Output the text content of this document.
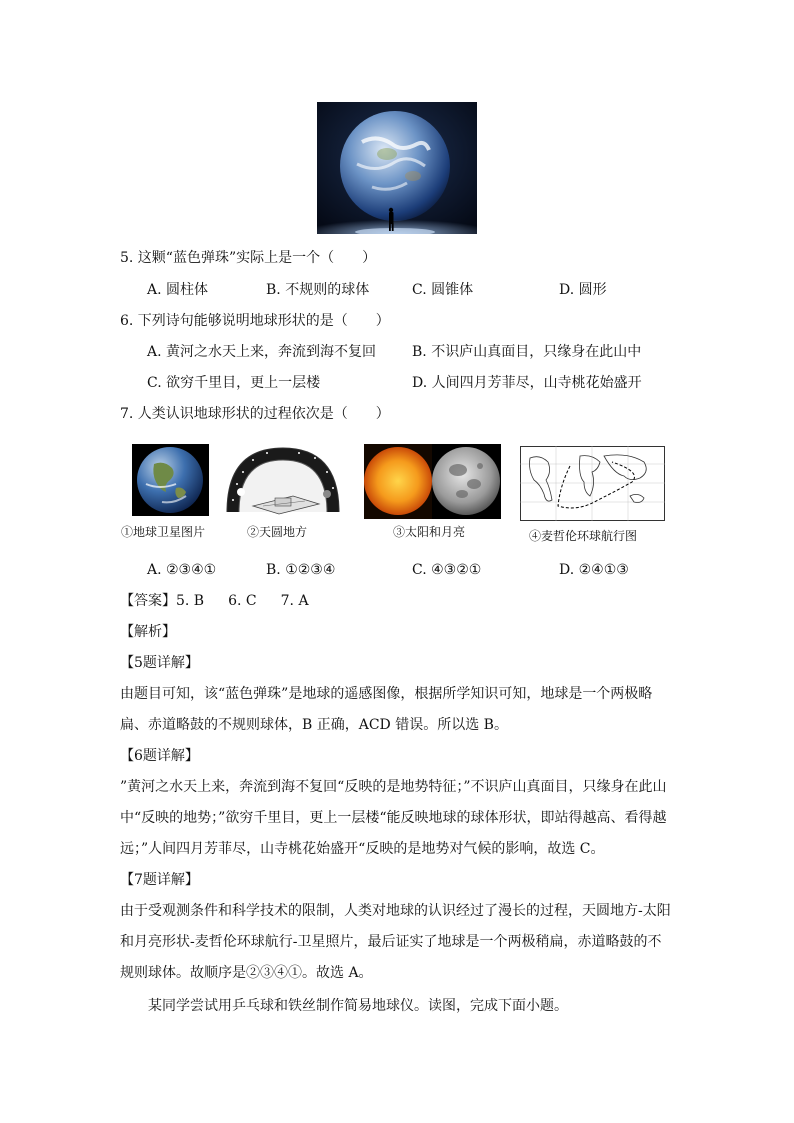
5. 这颗“蓝色弹珠”实际上是一个（　　）
A. 圆柱体	B. 不规则的球体	C. 圆锥体	D. 圆形
6. 下列诗句能够说明地球形状的是（　　）
A. 黄河之水天上来，奔流到海不复回	B. 不识庐山真面目，只缘身在此山中
C. 欲穷千里目，更上一层楼	D. 人间四月芳菲尽，山寺桃花始盛开
7. 人类认识地球形状的过程依次是（　　）
①地球卫星图片	②天圆地方	③太阳和月亮	④麦哲伦环球航行图
A. ②③④①	B. ①②③④	C. ④③②①	D. ②④①③
【答案】5. B 6. C 7. A
【解析】
【5题详解】
由题目可知，该“蓝色弹珠”是地球的遥感图像，根据所学知识可知，地球是一个两极略
扁、赤道略鼓的不规则球体，B 正确，ACD 错误。所以选 B。
【6题详解】
”黄河之水天上来，奔流到海不复回“反映的是地势特征；”不识庐山真面目，只缘身在此山
中“反映的地势；”欲穷千里目，更上一层楼“能反映地球的球体形状，即站得越高、看得越
远；”人间四月芳菲尽，山寺桃花始盛开“反映的是地势对气候的影响，故选 C。
【7题详解】
由于受观测条件和科学技术的限制，人类对地球的认识经过了漫长的过程，天圆地方-太阳
和月亮形状-麦哲伦环球航行-卫星照片，最后证实了地球是一个两极稍扁，赤道略鼓的不
规则球体。故顺序是②③④①。故选 A。
某同学尝试用乒乓球和铁丝制作简易地球仪。读图，完成下面小题。
